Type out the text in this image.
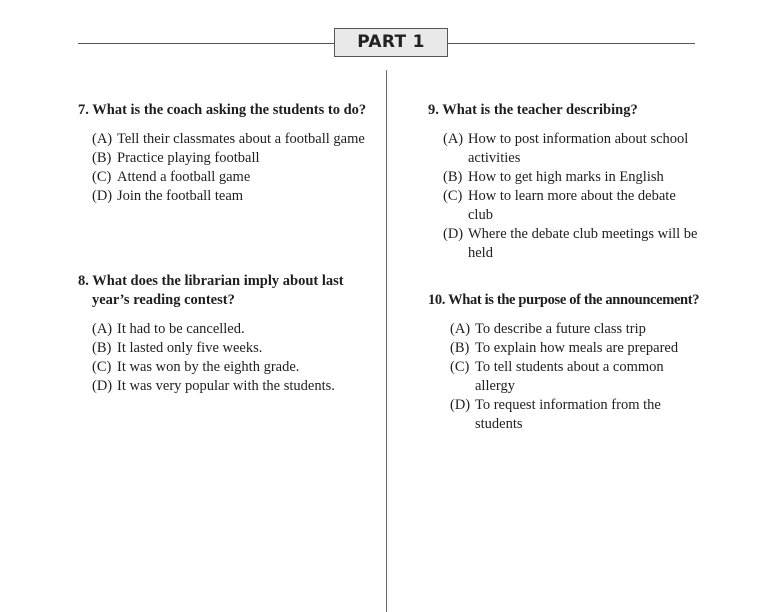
PART 1

7. What is the coach asking the students to do?

(A) Tell their classmates about a football game
(B) Practice playing football
(C) Attend a football game
(D) Join the football team

8. What does the librarian imply about last year’s reading contest?

(A) It had to be cancelled.
(B) It lasted only five weeks.
(C) It was won by the eighth grade.
(D) It was very popular with the students.

9. What is the teacher describing?

(A) How to post information about school activities
(B) How to get high marks in English
(C) How to learn more about the debate club
(D) Where the debate club meetings will be held

10. What is the purpose of the announcement?

(A) To describe a future class trip
(B) To explain how meals are prepared
(C) To tell students about a common allergy
(D) To request information from the students
